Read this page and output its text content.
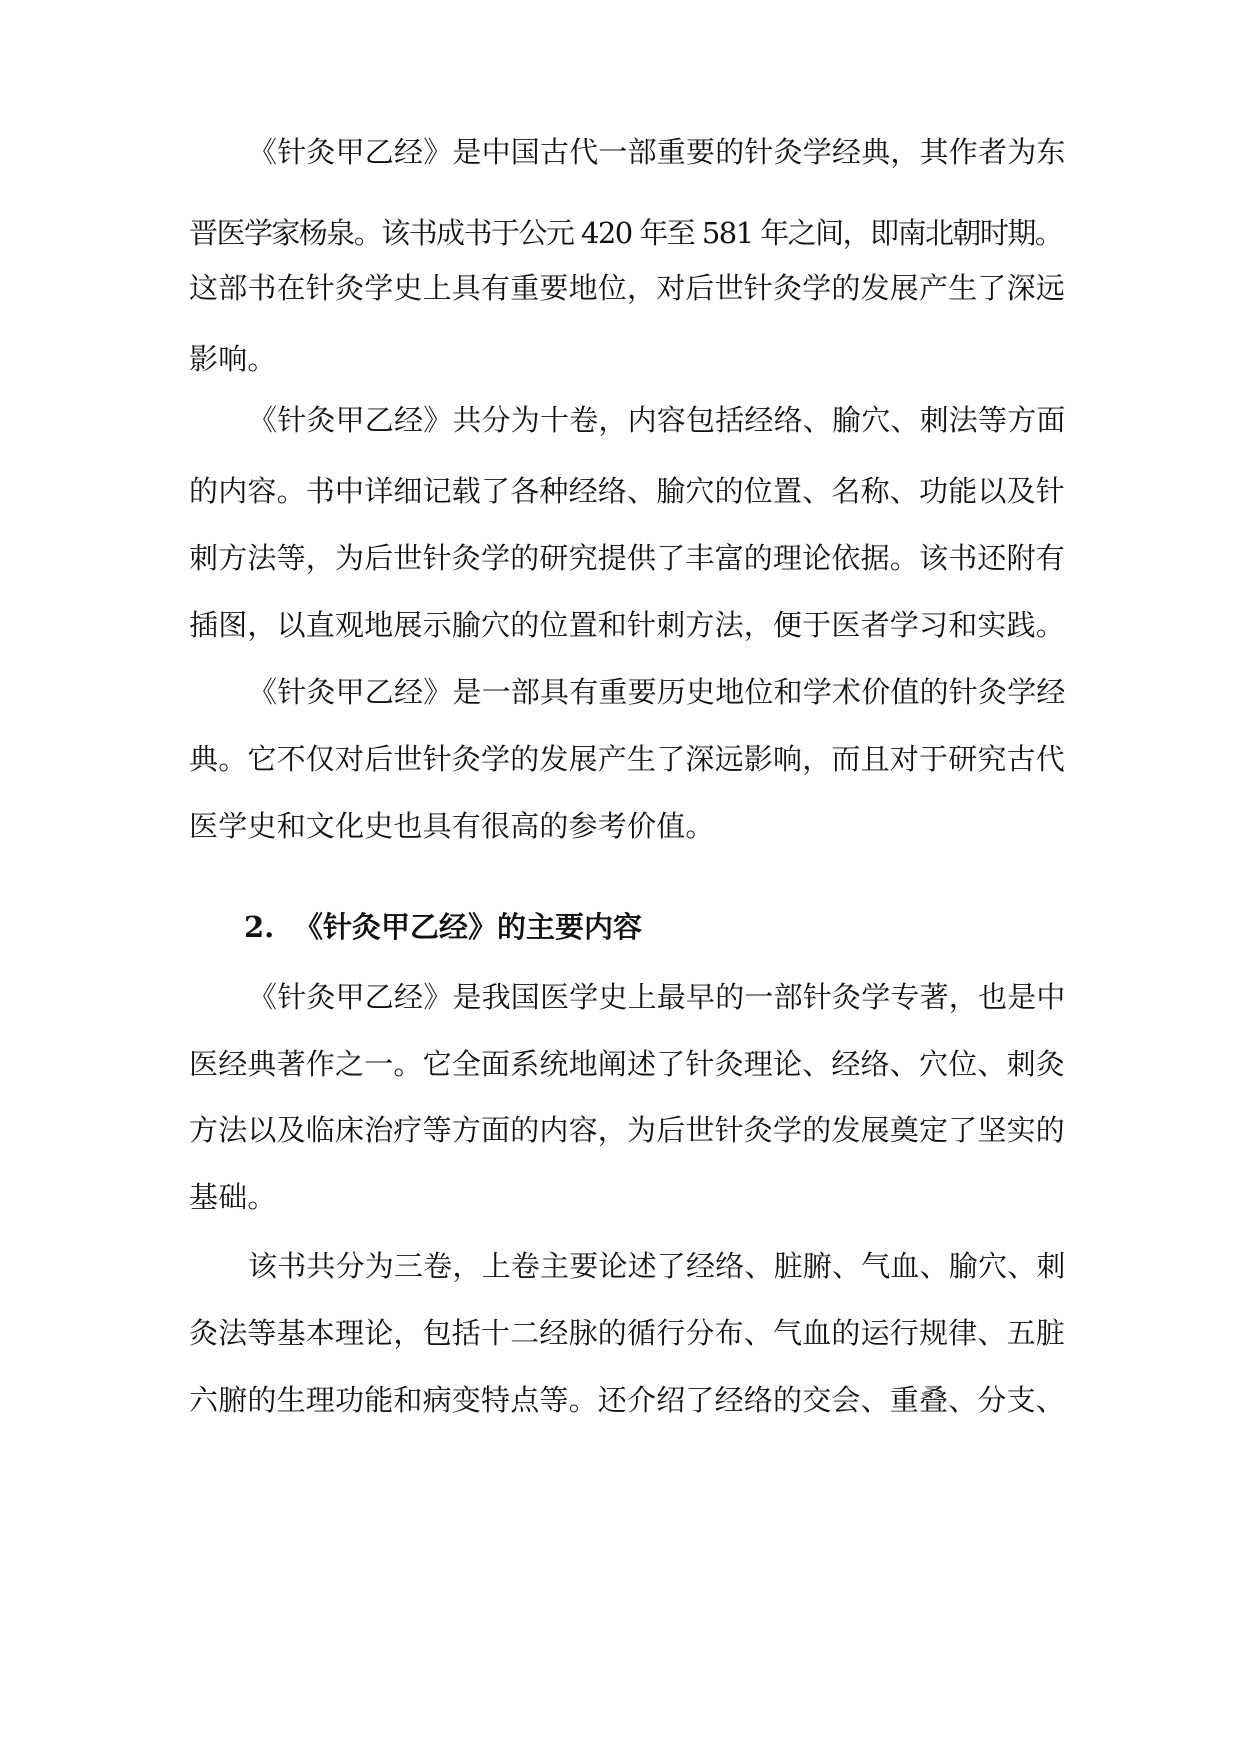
《针灸甲乙经》是中国古代一部重要的针灸学经典，其作者为东

晋医学家杨泉。该书成书于公元 420 年至 581 年之间，即南北朝时期。

这部书在针灸学史上具有重要地位，对后世针灸学的发展产生了深远

影响。

《针灸甲乙经》共分为十卷，内容包括经络、腧穴、刺法等方面

的内容。书中详细记载了各种经络、腧穴的位置、名称、功能以及针

刺方法等，为后世针灸学的研究提供了丰富的理论依据。该书还附有

插图，以直观地展示腧穴的位置和针刺方法，便于医者学习和实践。

《针灸甲乙经》是一部具有重要历史地位和学术价值的针灸学经

典。它不仅对后世针灸学的发展产生了深远影响，而且对于研究古代

医学史和文化史也具有很高的参考价值。

2. 《针灸甲乙经》的主要内容

《针灸甲乙经》是我国医学史上最早的一部针灸学专著，也是中

医经典著作之一。它全面系统地阐述了针灸理论、经络、穴位、刺灸

方法以及临床治疗等方面的内容，为后世针灸学的发展奠定了坚实的

基础。

该书共分为三卷，上卷主要论述了经络、脏腑、气血、腧穴、刺

灸法等基本理论，包括十二经脉的循行分布、气血的运行规律、五脏

六腑的生理功能和病变特点等。还介绍了经络的交会、重叠、分支、
